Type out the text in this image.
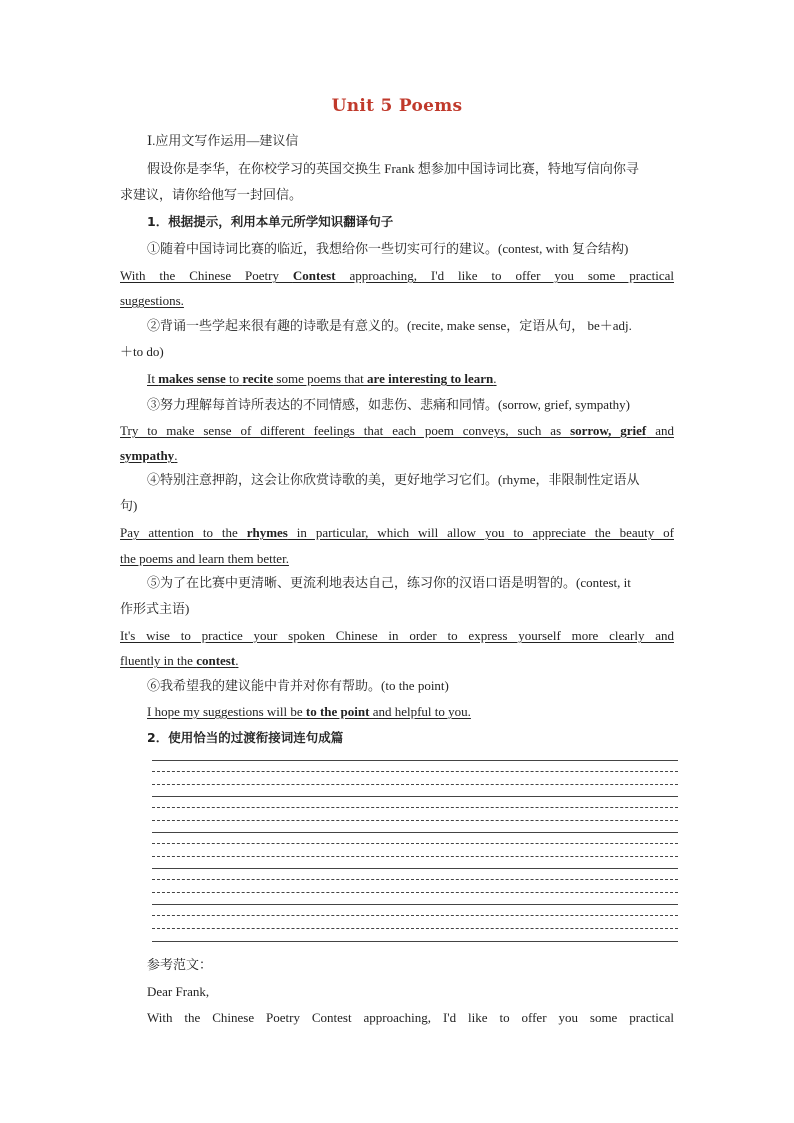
Unit 5 Poems
Ⅰ.应用文写作运用—建议信
假设你是李华，在你校学习的英国交换生 Frank 想参加中国诗词比赛，特地写信向你寻
求建议，请你给他写一封回信。
1．根据提示，利用本单元所学知识翻译句子
①随着中国诗词比赛的临近，我想给你一些切实可行的建议。(contest, with 复合结构)
With the Chinese Poetry Contest approaching, I'd like to offer you some practical
suggestions.
②背诵一些学起来很有趣的诗歌是有意义的。(recite, make sense，定语从句， be＋adj.
＋to do)
It makes sense to recite some poems that are interesting to learn.
③努力理解每首诗所表达的不同情感，如悲伤、悲痛和同情。(sorrow, grief, sympathy)
Try to make sense of different feelings that each poem conveys, such as sorrow, grief and
sympathy.
④特别注意押韵，这会让你欣赏诗歌的美，更好地学习它们。(rhyme，非限制性定语从
句)
Pay attention to the rhymes in particular, which will allow you to appreciate the beauty of
the poems and learn them better.
⑤为了在比赛中更清晰、更流利地表达自己，练习你的汉语口语是明智的。(contest, it
作形式主语)
It's wise to practice your spoken Chinese in order to express yourself more clearly and
fluently in the contest.
⑥我希望我的建议能中肯并对你有帮助。(to the point)
I hope my suggestions will be to the point and helpful to you.
2．使用恰当的过渡衔接词连句成篇
参考范文：
Dear Frank,
With the Chinese Poetry Contest approaching, I'd like to offer you some practical
